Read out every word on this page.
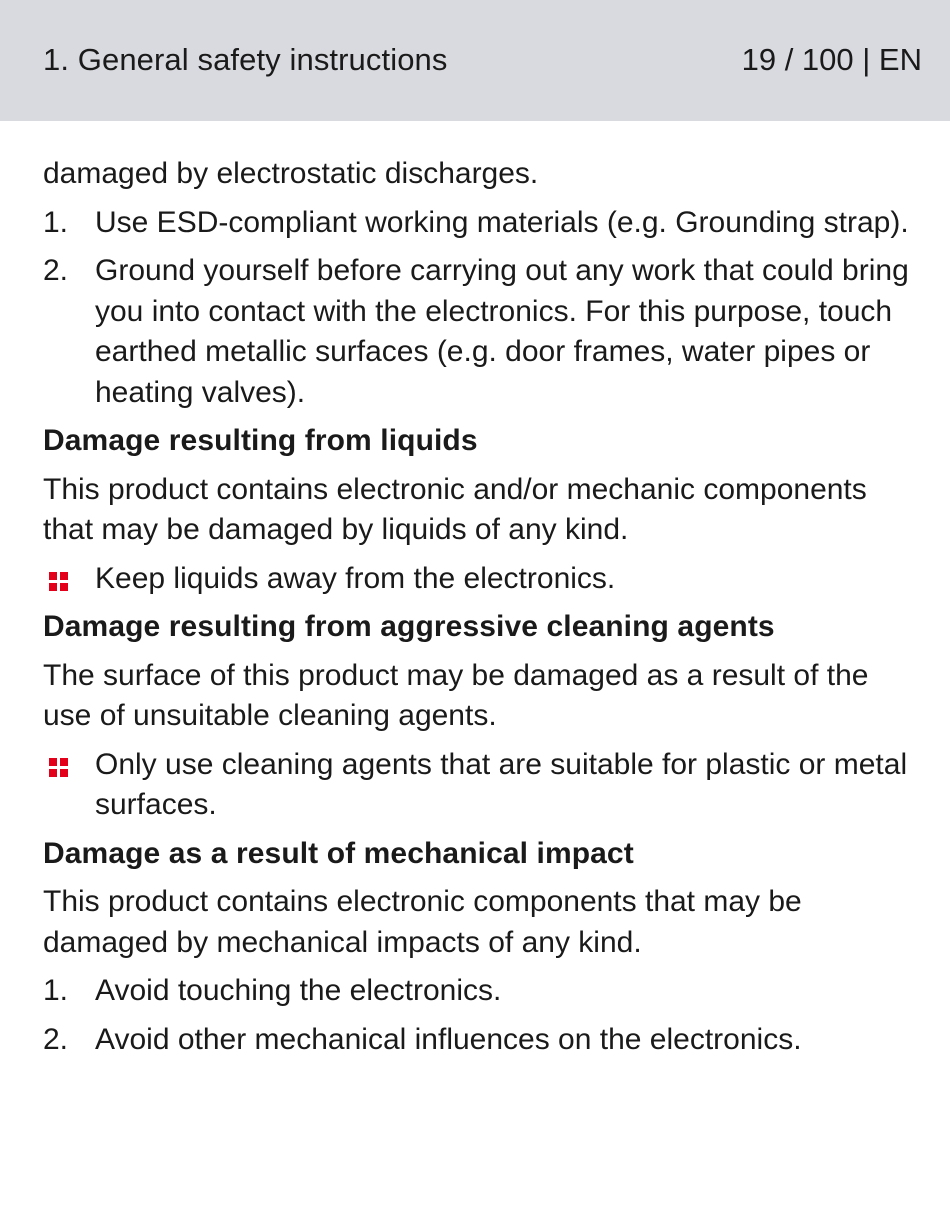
1. General safety instructions	19 / 100 | EN

damaged by electrostatic discharges.

1. Use ESD-compliant working materials (e.g. Grounding strap).
2. Ground yourself before carrying out any work that could bring you into contact with the electronics. For this purpose, touch earthed metallic surfaces (e.g. door frames, water pipes or heating valves).
Damage resulting from liquids

This product contains electronic and/or mechanic components that may be damaged by liquids of any kind.

Keep liquids away from the electronics.
Damage resulting from aggressive cleaning agents

The surface of this product may be damaged as a result of the use of unsuitable cleaning agents.

Only use cleaning agents that are suitable for plastic or metal surfaces.
Damage as a result of mechanical impact

This product contains electronic components that may be damaged by mechanical impacts of any kind.

1. Avoid touching the electronics.
2. Avoid other mechanical influences on the electronics.
